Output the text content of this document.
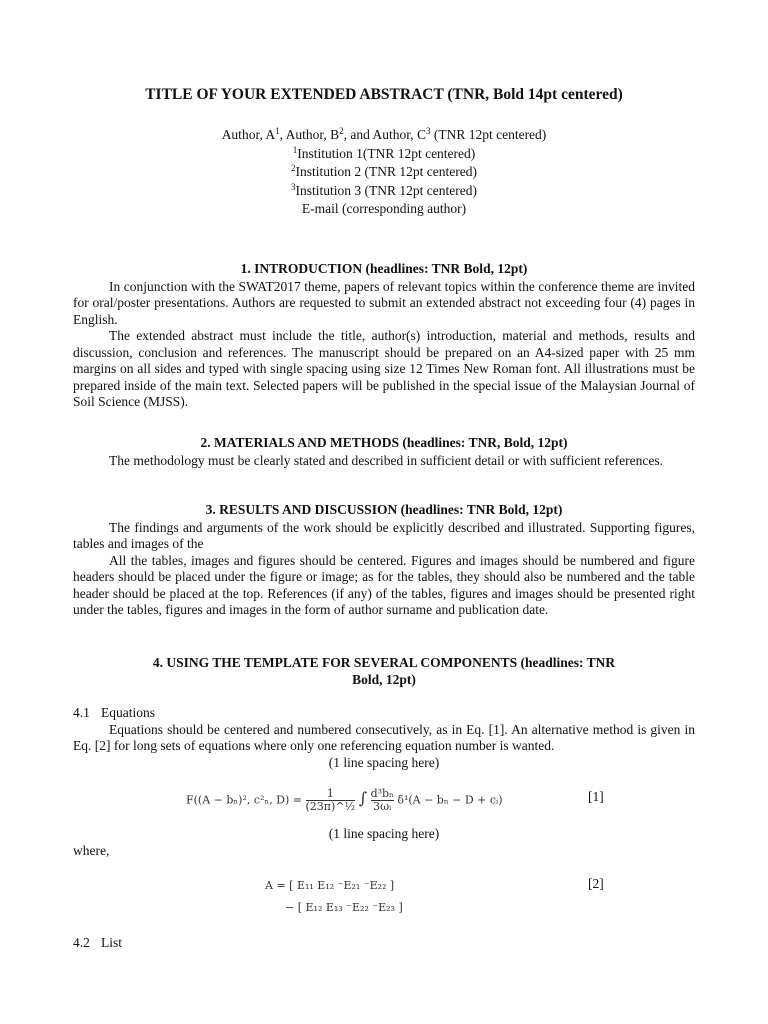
TITLE OF YOUR EXTENDED ABSTRACT (TNR, Bold 14pt centered)
Author, $A^1$, Author, $B^2$, and Author, $C^3$ (TNR 12pt centered)
$^1$Institution 1(TNR 12pt centered)
$^2$Institution 2 (TNR 12pt centered)
$^3$Institution 3 (TNR 12pt centered)
E-mail (corresponding author)

1. INTRODUCTION (headlines: TNR Bold, 12pt)

In conjunction with the SWAT2017 theme, papers of relevant topics within the conference theme are invited for oral/poster presentations. Authors are requested to submit an extended abstract not exceeding four (4) pages in English.

The extended abstract must include the title, author(s) introduction, material and methods, results and discussion, conclusion and references. The manuscript should be prepared on an A4-sized paper with 25 mm margins on all sides and typed with single spacing using size 12 Times New Roman font. All illustrations must be prepared inside of the main text. Selected papers will be published in the special issue of the Malaysian Journal of Soil Science (MJSS).

2. MATERIALS AND METHODS (headlines: TNR, Bold, 12pt)

The methodology must be clearly stated and described in sufficient detail or with sufficient references.

3. RESULTS AND DISCUSSION (headlines: TNR Bold, 12pt)

The findings and arguments of the work should be explicitly described and illustrated. Supporting figures, tables and images of the

All the tables, images and figures should be centered. Figures and images should be numbered and figure headers should be placed under the figure or image; as for the tables, they should also be numbered and the table header should be placed at the top. References (if any) of the tables, figures and images should be presented right under the tables, figures and images in the form of author surname and publication date.

4. USING THE TEMPLATE FOR SEVERAL COMPONENTS (headlines: TNR

Bold, 12pt)

4.1 Equations

Equations should be centered and numbered consecutively, as in Eq. [1]. An alternative method is given in Eq. [2] for long sets of equations where only one referencing equation number is wanted.

(1 line spacing here)

F((A − bₙ)², c²ₙ, $D) = \frac{1}{\text{(23π)\textasciicircum{}½}}$ ∫ $\frac{\text{d³bₙ}}{\text{3ωᵢ}} \delta^1(A - b_n - D$ + cᵢ)	[1]

(1 line spacing here)

where,

A = [ E₁₁ E₁₂ ⁻E₂₁ ⁻E₂₂ ]
− [ E₁₂ E₁₃ ⁻E₂₂ ⁻E₂₃ ]
[2]

4.2 List
